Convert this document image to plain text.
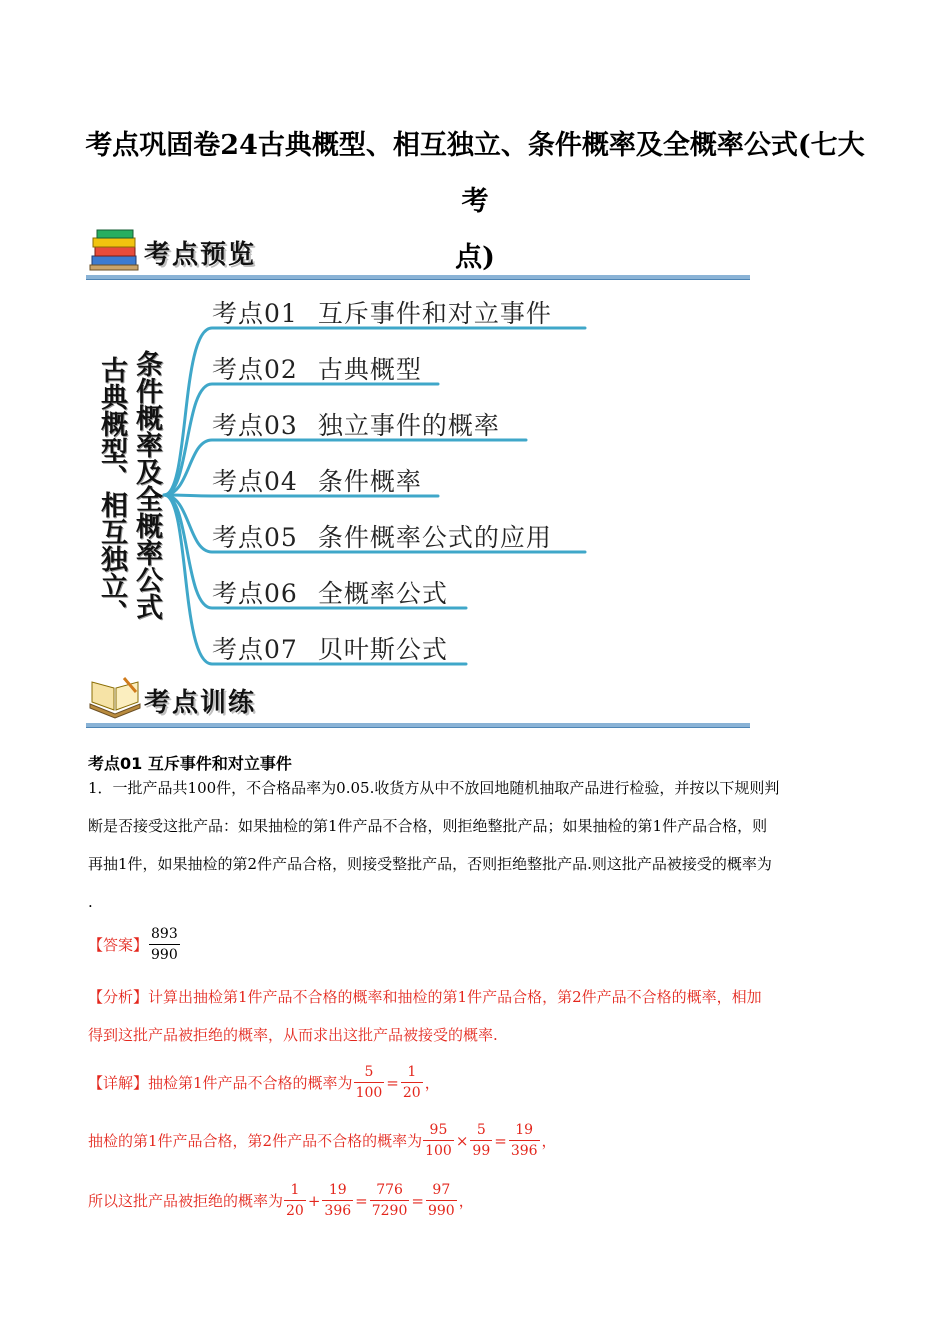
考点巩固卷24古典概型、相互独立、条件概率及全概率公式(七大考
点)
考点预览
古典概型、相互独立、 条件概率及全概率公式
考点01 互斥事件和对立事件
考点02 古典概型
考点03 独立事件的概率
考点04 条件概率
考点05 条件概率公式的应用
考点06 全概率公式
考点07 贝叶斯公式
考点训练
考点01 互斥事件和对立事件
1．一批产品共100件，不合格品率为0.05.收货方从中不放回地随机抽取产品进行检验，并按以下规则判
断是否接受这批产品：如果抽检的第1件产品不合格，则拒绝整批产品；如果抽检的第1件产品合格，则
再抽1件，如果抽检的第2件产品合格，则接受整批产品，否则拒绝整批产品.则这批产品被接受的概率为
.
【答案】 $\frac{893}{990}$
【分析】计算出抽检第1件产品不合格的概率和抽检的第1件产品合格，第2件产品不合格的概率，相加
得到这批产品被拒绝的概率，从而求出这批产品被接受的概率.
【详解】抽检第1件产品不合格的概率为 $\frac{5}{100} = \frac{1}{20}$ ，
抽检的第1件产品合格，第2件产品不合格的概率为 $\frac{95}{100} \times \frac{5}{99} = \frac{19}{396}$ ，
所以这批产品被拒绝的概率为 $\frac{1}{20} + \frac{19}{396} = \frac{776}{7290} = \frac{97}{990}$ ，
